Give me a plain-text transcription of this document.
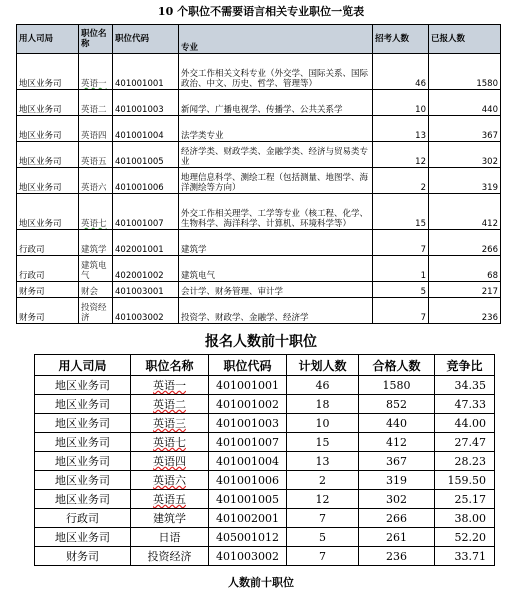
10 个职位不需要语言相关专业职位一览表
用人司局	职位名称	职位代码	专业	招考人数	已报人数
地区业务司	英语一	401001001	外交工作相关文科专业（外交学、国际关系、国际政治、中文、历史、哲学、管理等）	46	1580
地区业务司	英语二	401001003	新闻学、广播电视学、传播学、公共关系学	10	440
地区业务司	英语四	401001004	法学类专业	13	367
地区业务司	英语五	401001005	经济学类、财政学类、金融学类、经济与贸易类专业	12	302
地区业务司	英语六	401001006	地理信息科学、测绘工程（包括测量、地图学、海洋测绘等方向）	2	319
地区业务司	英语七	401001007	外交工作相关理学、工学等专业（核工程、化学、生物科学、海洋科学、计算机、环境科学等）	15	412
行政司	建筑学	402001001	建筑学	7	266
行政司	建筑电气	402001002	建筑电气	1	68
财务司	财会	401003001	会计学、财务管理、审计学	5	217
财务司	投资经济	401003002	投资学、财政学、金融学、经济学	7	236
报名人数前十职位
用人司局	职位名称	职位代码	计划人数	合格人数	竞争比
地区业务司	英语一	401001001	46	1580	34.35
地区业务司	英语二	401001002	18	852	47.33
地区业务司	英语三	401001003	10	440	44.00
地区业务司	英语七	401001007	15	412	27.47
地区业务司	英语四	401001004	13	367	28.23
地区业务司	英语六	401001006	2	319	159.50
地区业务司	英语五	401001005	12	302	25.17
行政司	建筑学	401002001	7	266	38.00
地区业务司	日语	405001012	5	261	52.20
财务司	投资经济	401003002	7	236	33.71
人数前十职位
